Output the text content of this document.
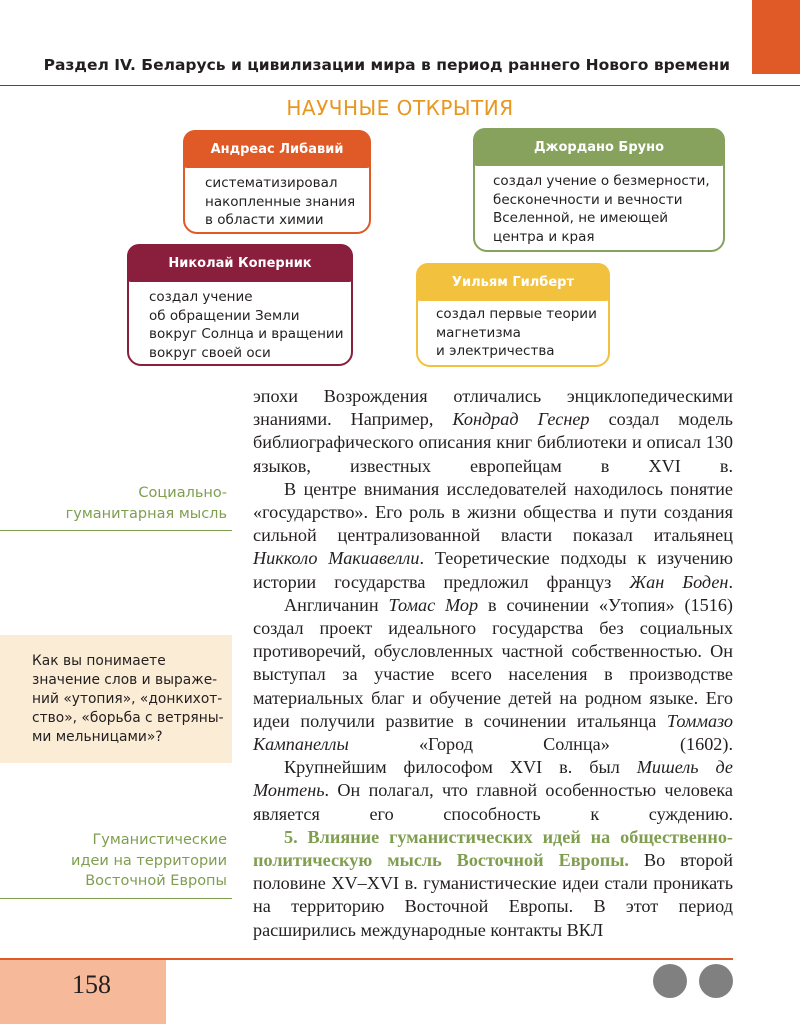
Раздел IV. Беларусь и цивилизации мира в период раннего Нового времени
НАУЧНЫЕ ОТКРЫТИЯ
Андреас Либавий
систематизировал
накопленные знания
в области химии
Джордано Бруно
создал учение о безмерности,
бесконечности и вечности
Вселенной, не имеющей
центра и края
Николай Коперник
создал учение
об обращении Земли
вокруг Солнца и вращении
вокруг своей оси
Уильям Гилберт
создал первые теории
магнетизма
и электричества

эпохи Возрождения отличались энциклопедическими знаниями. Например, Кондрад Геснер создал модель библиографического описания книг библиотеки и описал 130 языков, известных европейцам в XVI в.

В центре внимания исследователей находилось понятие «государство». Его роль в жизни общества и пути создания сильной централизованной власти показал итальянец Никколо Макиавелли. Теоретические подходы к изучению истории государства предложил француз Жан Боден.

Англичанин Томас Мор в сочинении «Утопия» (1516) создал проект идеального государства без социальных противоречий, обусловленных частной собственностью. Он выступал за участие всего населения в производстве материальных благ и обучение детей на родном языке. Его идеи получили развитие в сочинении итальянца Томмазо Кампанеллы «Город Солнца» (1602).

Крупнейшим философом XVI в. был Мишель де Монтень. Он полагал, что главной особенностью человека является его способность к суждению.

5. Влияние гуманистических идей на общественно-политическую мысль Восточной Европы. Во второй половине XV–XVI в. гуманистические идеи стали проникать на территорию Восточной Европы. В этот период расширились международные контакты ВКЛ

Социально-
гуманитарная мысль
Как вы понимаете
значение слов и выраже-
ний «утопия», «донкихот-
ство», «борьба с ветряны-
ми мельницами»?
Гуманистические
идеи на территории
Восточной Европы
158
